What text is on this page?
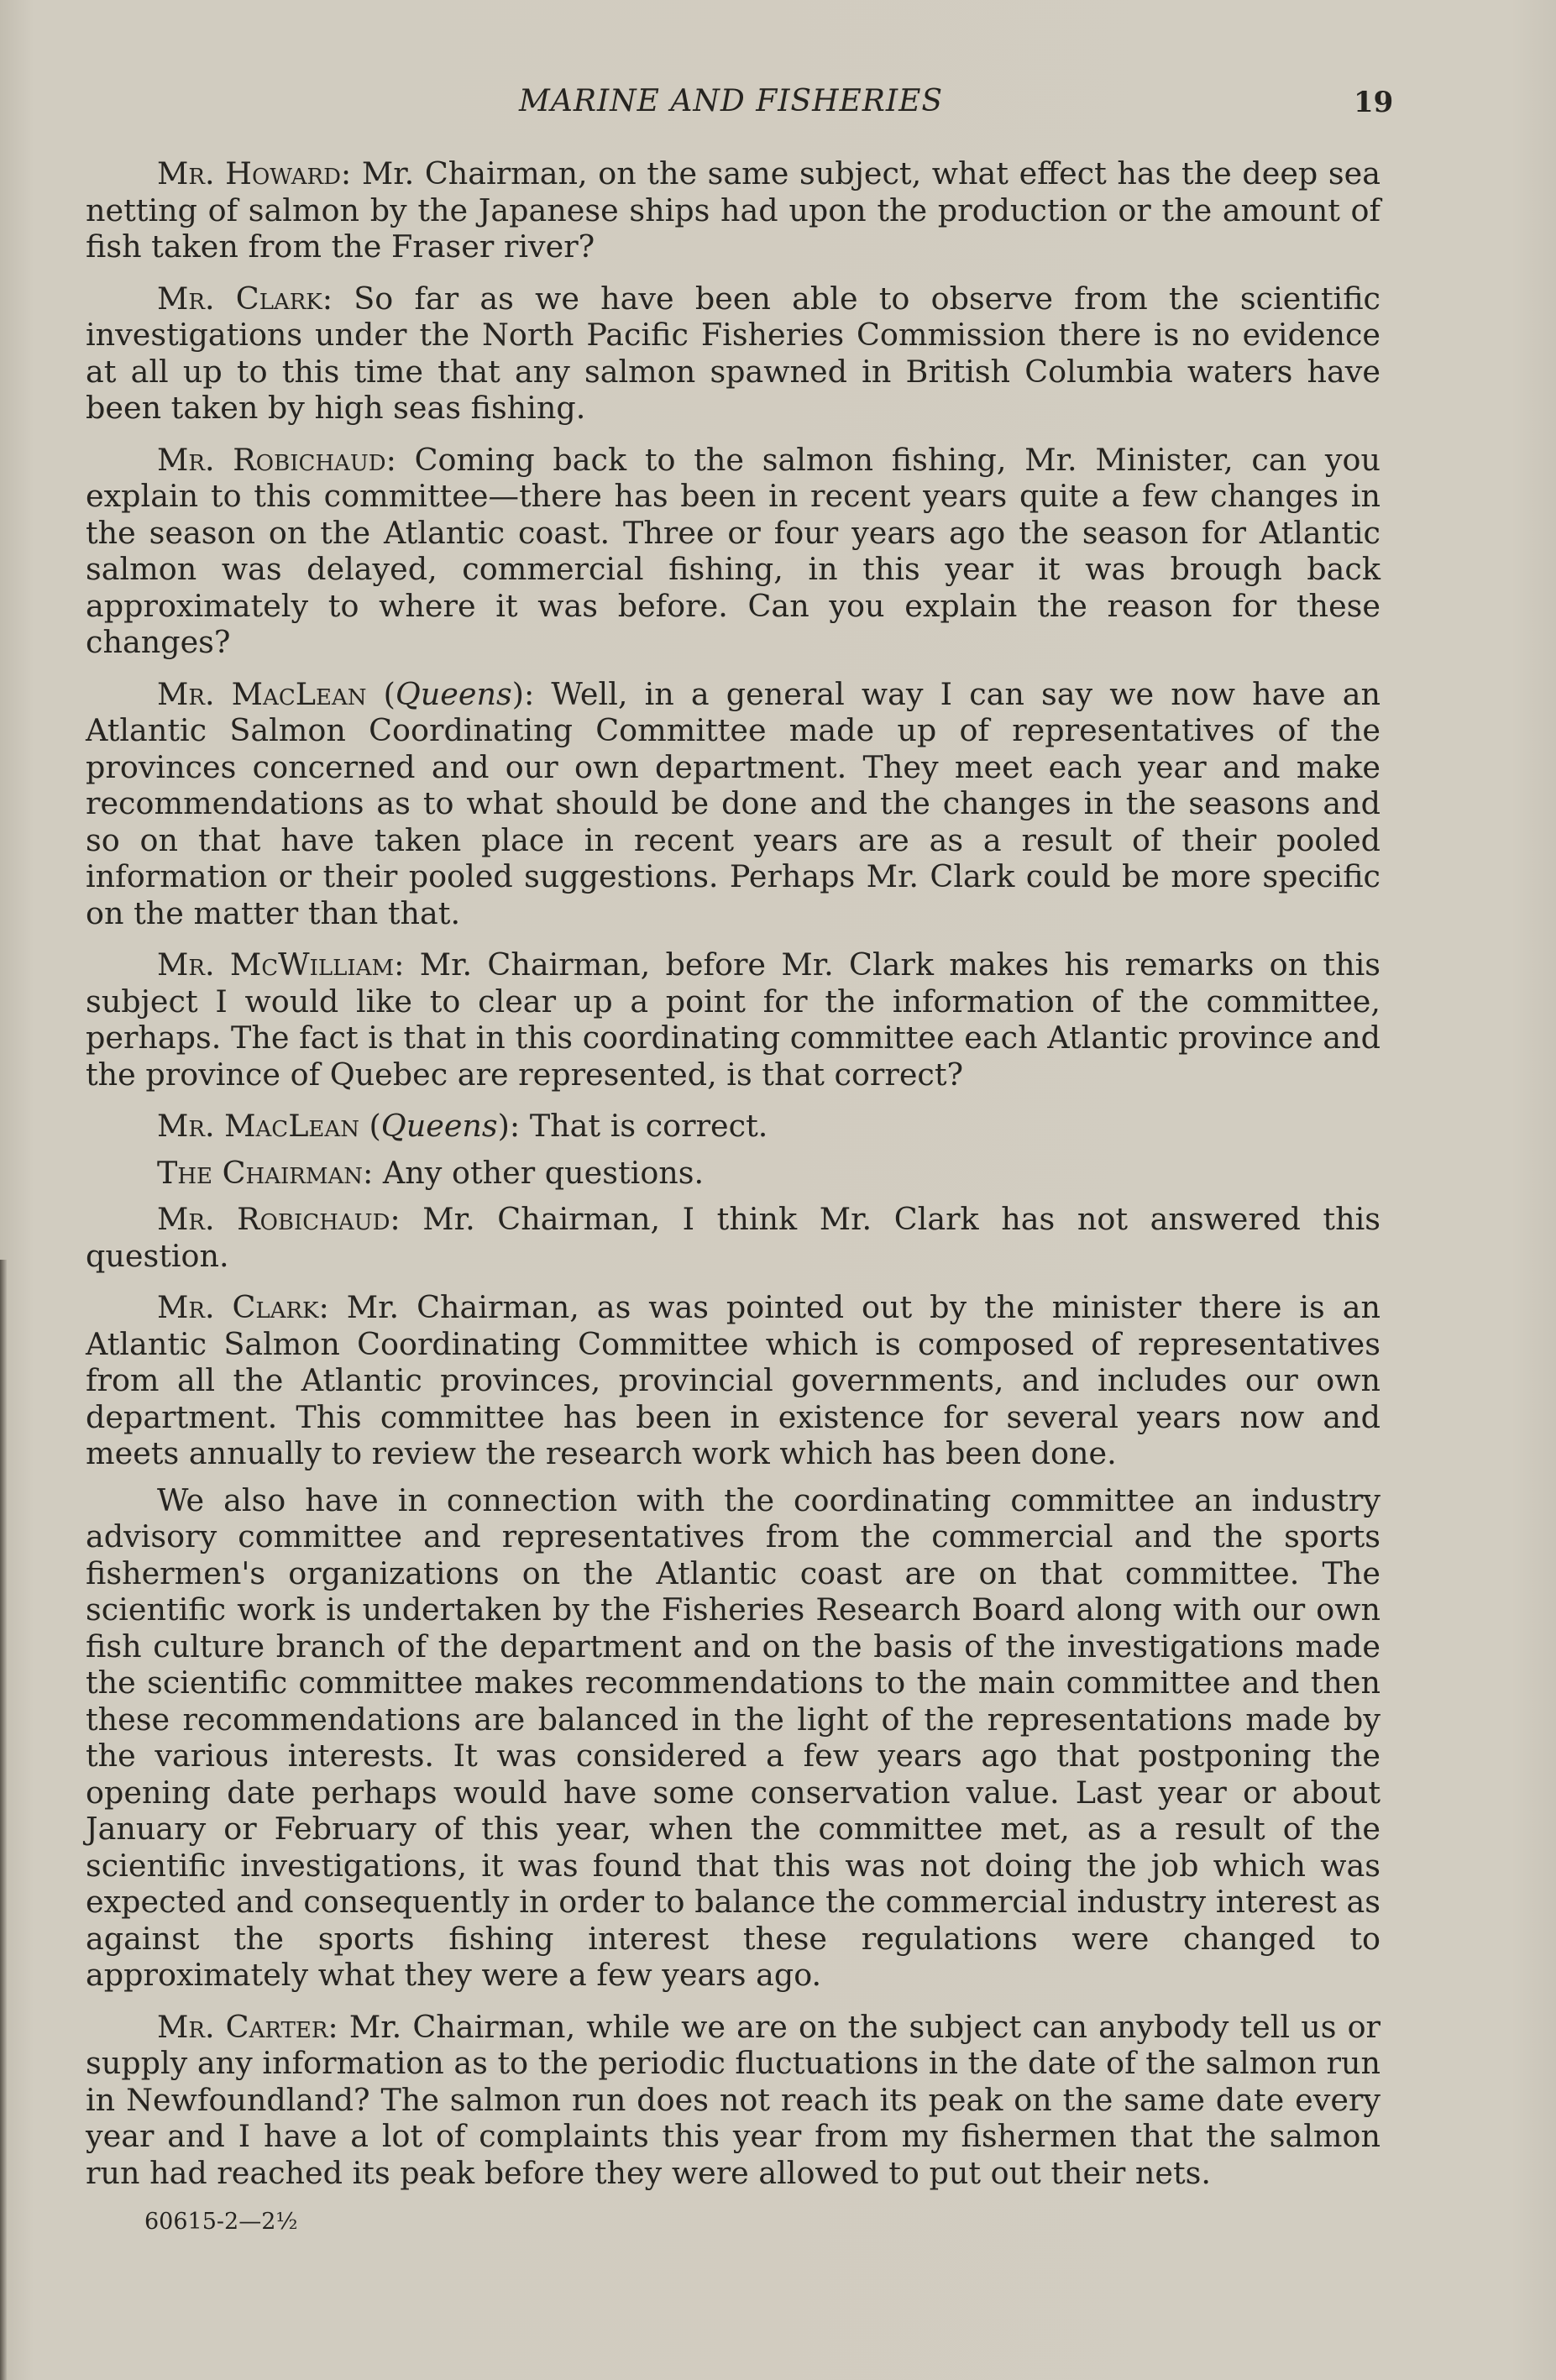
MARINE AND FISHERIES	19

Mr. Howard: Mr. Chairman, on the same subject, what effect has the deep sea netting of salmon by the Japanese ships had upon the production or the amount of fish taken from the Fraser river?

Mr. Clark: So far as we have been able to observe from the scientific investigations under the North Pacific Fisheries Commission there is no evidence at all up to this time that any salmon spawned in British Columbia waters have been taken by high seas fishing.

Mr. Robichaud: Coming back to the salmon fishing, Mr. Minister, can you explain to this committee—there has been in recent years quite a few changes in the season on the Atlantic coast. Three or four years ago the season for Atlantic salmon was delayed, commercial fishing, in this year it was brough back approximately to where it was before. Can you explain the reason for these changes?

Mr. MacLean (Queens): Well, in a general way I can say we now have an Atlantic Salmon Coordinating Committee made up of representatives of the provinces concerned and our own department. They meet each year and make recommendations as to what should be done and the changes in the seasons and so on that have taken place in recent years are as a result of their pooled information or their pooled suggestions. Perhaps Mr. Clark could be more specific on the matter than that.

Mr. McWilliam: Mr. Chairman, before Mr. Clark makes his remarks on this subject I would like to clear up a point for the information of the committee, perhaps. The fact is that in this coordinating committee each Atlantic province and the province of Quebec are represented, is that correct?

Mr. MacLean (Queens): That is correct.

The Chairman: Any other questions.

Mr. Robichaud: Mr. Chairman, I think Mr. Clark has not answered this question.

Mr. Clark: Mr. Chairman, as was pointed out by the minister there is an Atlantic Salmon Coordinating Committee which is composed of representatives from all the Atlantic provinces, provincial governments, and includes our own department. This committee has been in existence for several years now and meets annually to review the research work which has been done.

We also have in connection with the coordinating committee an industry advisory committee and representatives from the commercial and the sports fishermen's organizations on the Atlantic coast are on that committee. The scientific work is undertaken by the Fisheries Research Board along with our own fish culture branch of the department and on the basis of the investigations made the scientific committee makes recommendations to the main committee and then these recommendations are balanced in the light of the representations made by the various interests. It was considered a few years ago that postponing the opening date perhaps would have some conservation value. Last year or about January or February of this year, when the committee met, as a result of the scientific investigations, it was found that this was not doing the job which was expected and consequently in order to balance the commercial industry interest as against the sports fishing interest these regulations were changed to approximately what they were a few years ago.

Mr. Carter: Mr. Chairman, while we are on the subject can anybody tell us or supply any information as to the periodic fluctuations in the date of the salmon run in Newfoundland? The salmon run does not reach its peak on the same date every year and I have a lot of complaints this year from my fishermen that the salmon run had reached its peak before they were allowed to put out their nets.

60615-2—2½
